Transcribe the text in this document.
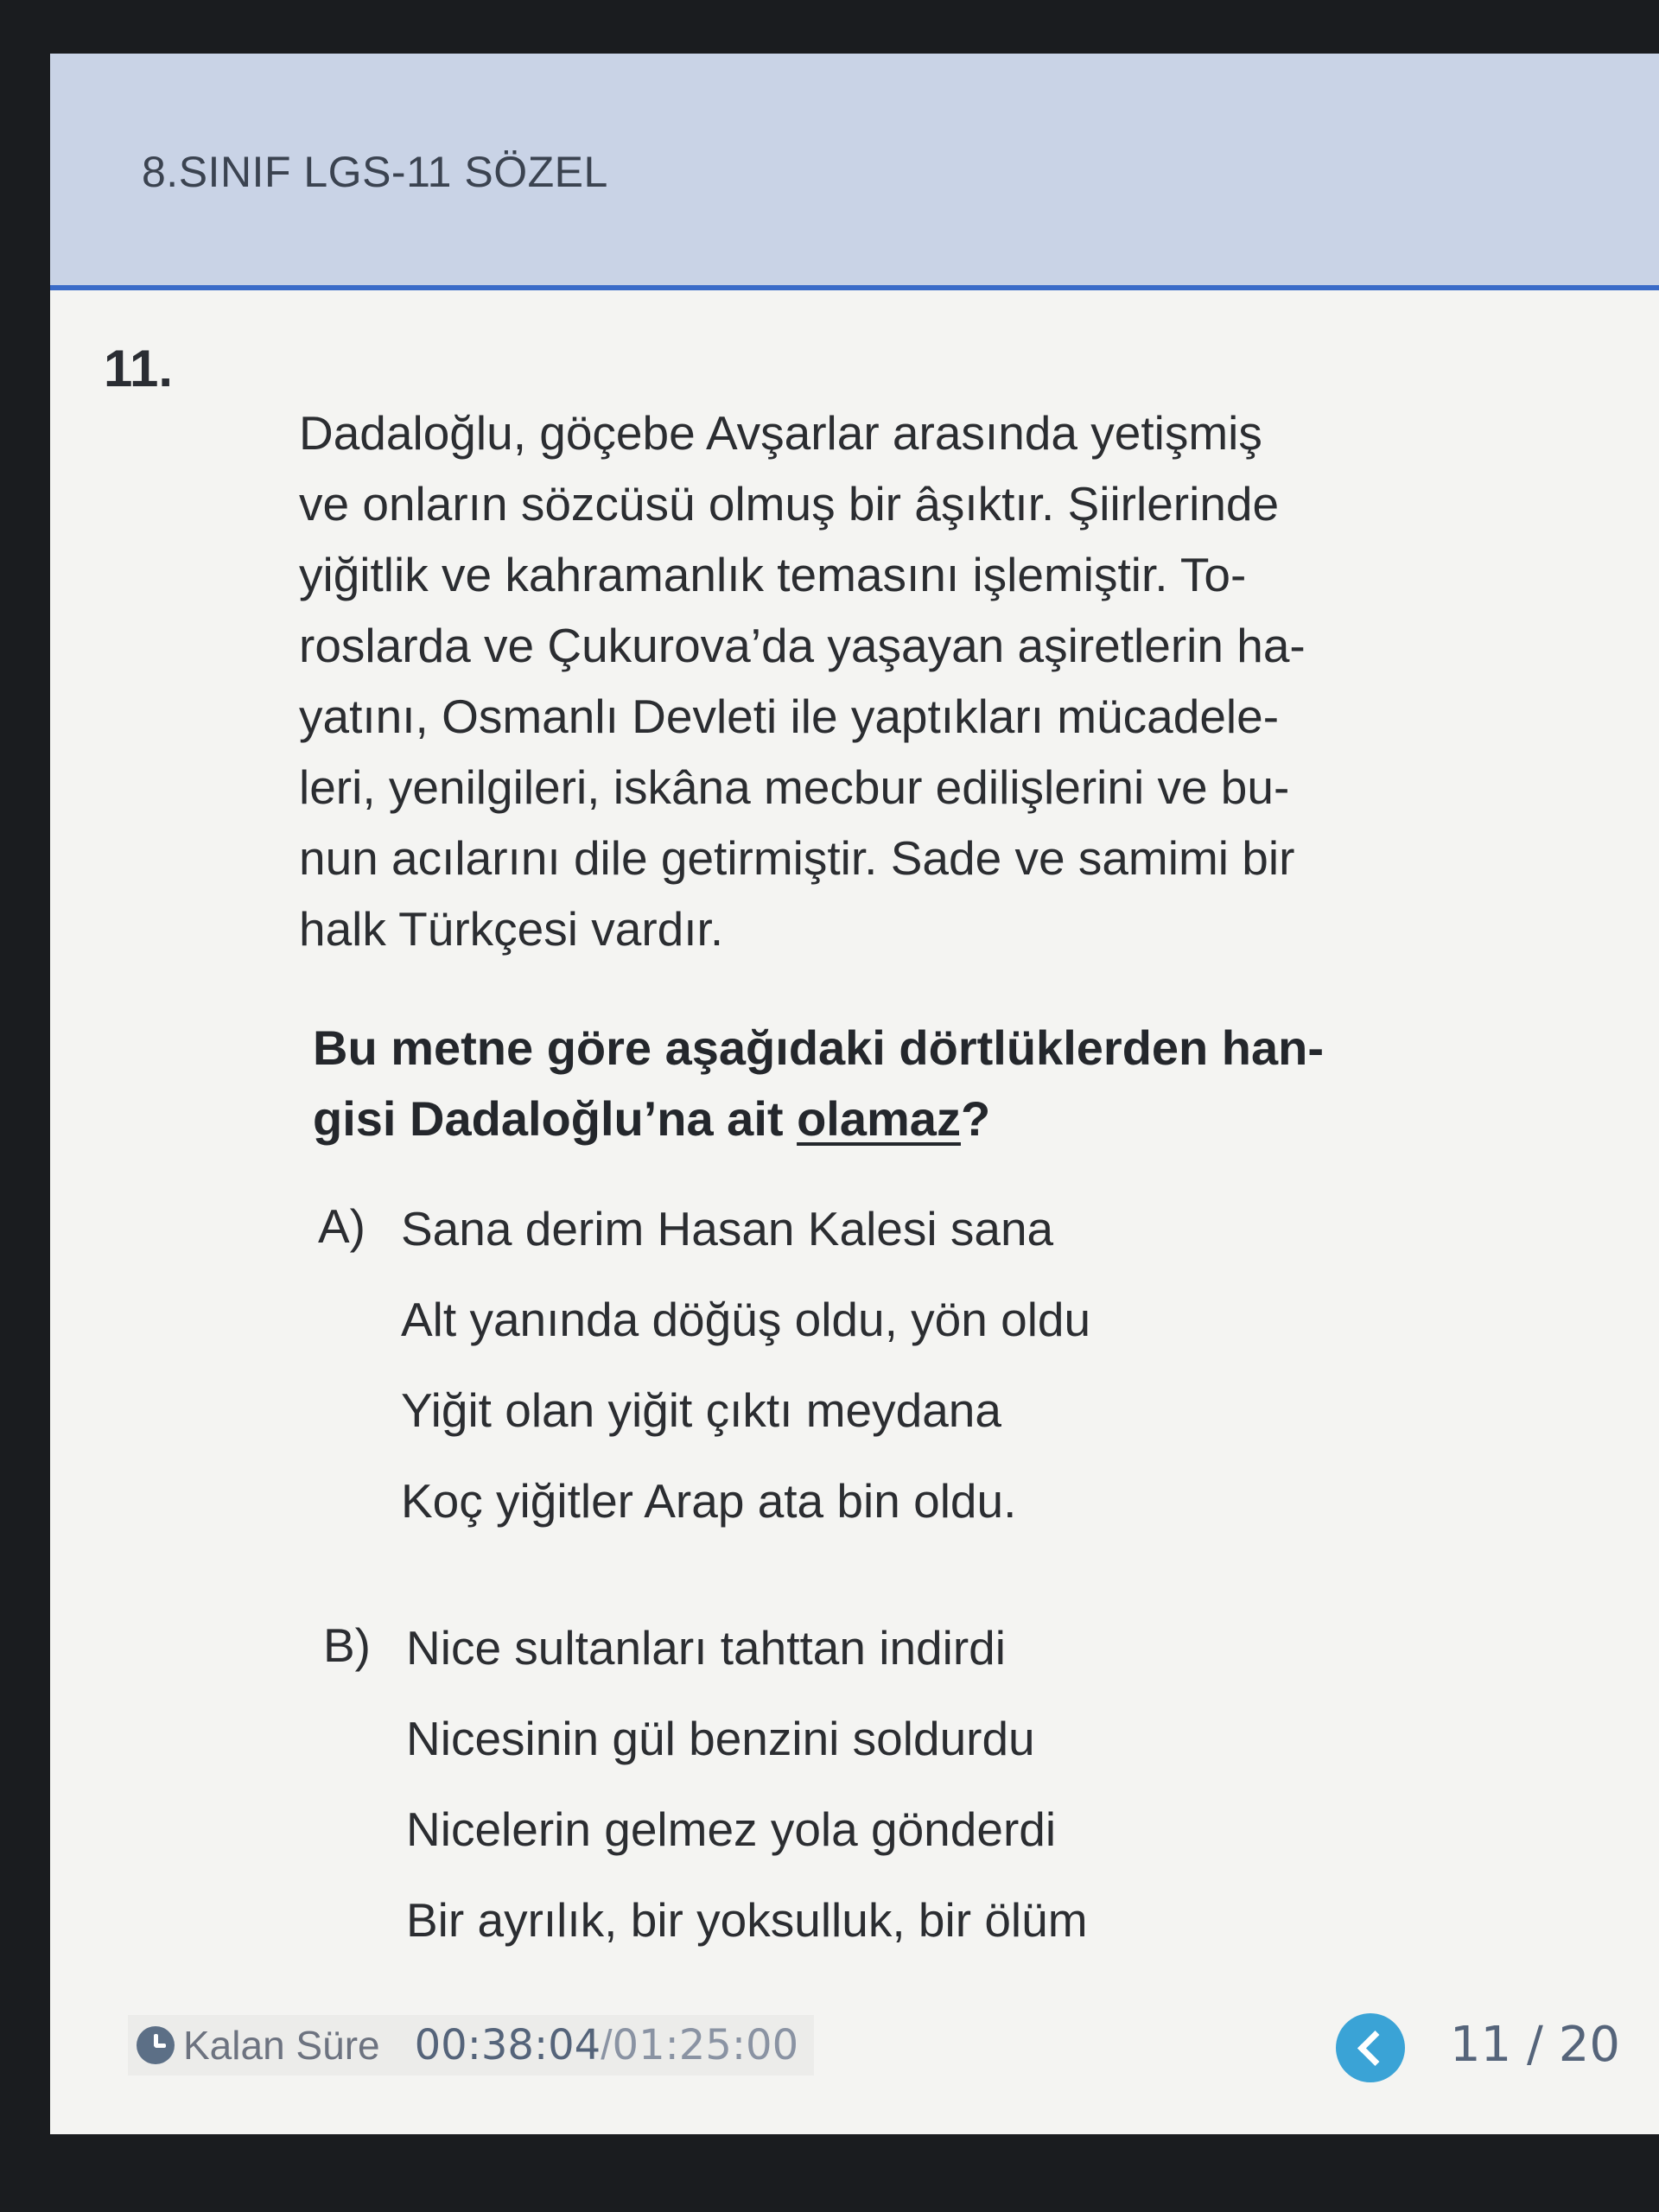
8.SINIF LGS-11 SÖZEL
11.
Dadaloğlu, göçebe Avşarlar arasında yetişmiş
ve onların sözcüsü olmuş bir âşıktır. Şiirlerinde
yiğitlik ve kahramanlık temasını işlemiştir. To-
roslarda ve Çukurova’da yaşayan aşiretlerin ha-
yatını, Osmanlı Devleti ile yaptıkları mücadele-
leri, yenilgileri, iskâna mecbur edilişlerini ve bu-
nun acılarını dile getirmiştir. Sade ve samimi bir
halk Türkçesi vardır.
Bu metne göre aşağıdaki dörtlüklerden han-
gisi Dadaloğlu’na ait olamaz?
A) Sana derim Hasan Kalesi sana
Alt yanında döğüş oldu, yön oldu
Yiğit olan yiğit çıktı meydana
Koç yiğitler Arap ata bin oldu.
B) Nice sultanları tahttan indirdi
Nicesinin gül benzini soldurdu
Nicelerin gelmez yola gönderdi
Bir ayrılık, bir yoksulluk, bir ölüm
Kalan Süre 00:38:04 / 01:25:00	11 / 20
